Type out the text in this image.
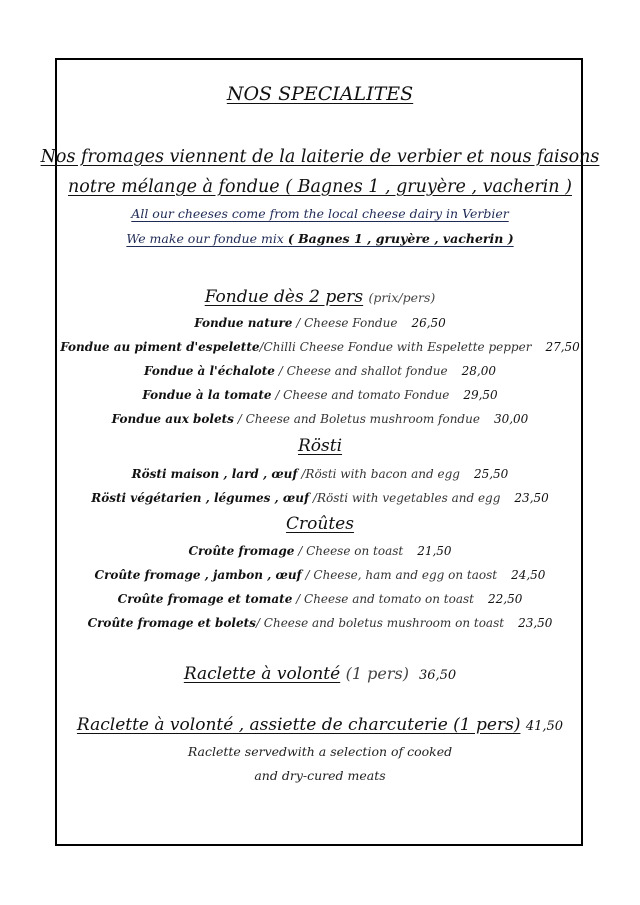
NOS SPECIALITES
Nos fromages viennent de la laiterie de verbier et nous faisons
notre mélange à fondue ( Bagnes 1 , gruyère , vacherin )
All our cheeses come from the local cheese dairy in Verbier
We make our fondue mix ( Bagnes 1 , gruyère , vacherin )
Fondue dès 2 pers (prix/pers)
Fondue nature / Cheese Fondue 26,50
Fondue au piment d'espelette/Chilli Cheese Fondue with Espelette pepper 27,50
Fondue à l'échalote / Cheese and shallot fondue 28,00
Fondue à la tomate / Cheese and tomato Fondue 29,50
Fondue aux bolets / Cheese and Boletus mushroom fondue 30,00
Rösti
Rösti maison , lard , œuf /Rösti with bacon and egg 25,50
Rösti végétarien , légumes , œuf /Rösti with vegetables and egg 23,50
Croûtes
Croûte fromage / Cheese on toast 21,50
Croûte fromage , jambon , œuf / Cheese, ham and egg on taost 24,50
Croûte fromage et tomate / Cheese and tomato on toast 22,50
Croûte fromage et bolets/ Cheese and boletus mushroom on toast 23,50
Raclette à volonté (1 pers) 36,50
Raclette à volonté , assiette de charcuterie (1 pers) 41,50
Raclette servedwith a selection of cooked
and dry-cured meats
